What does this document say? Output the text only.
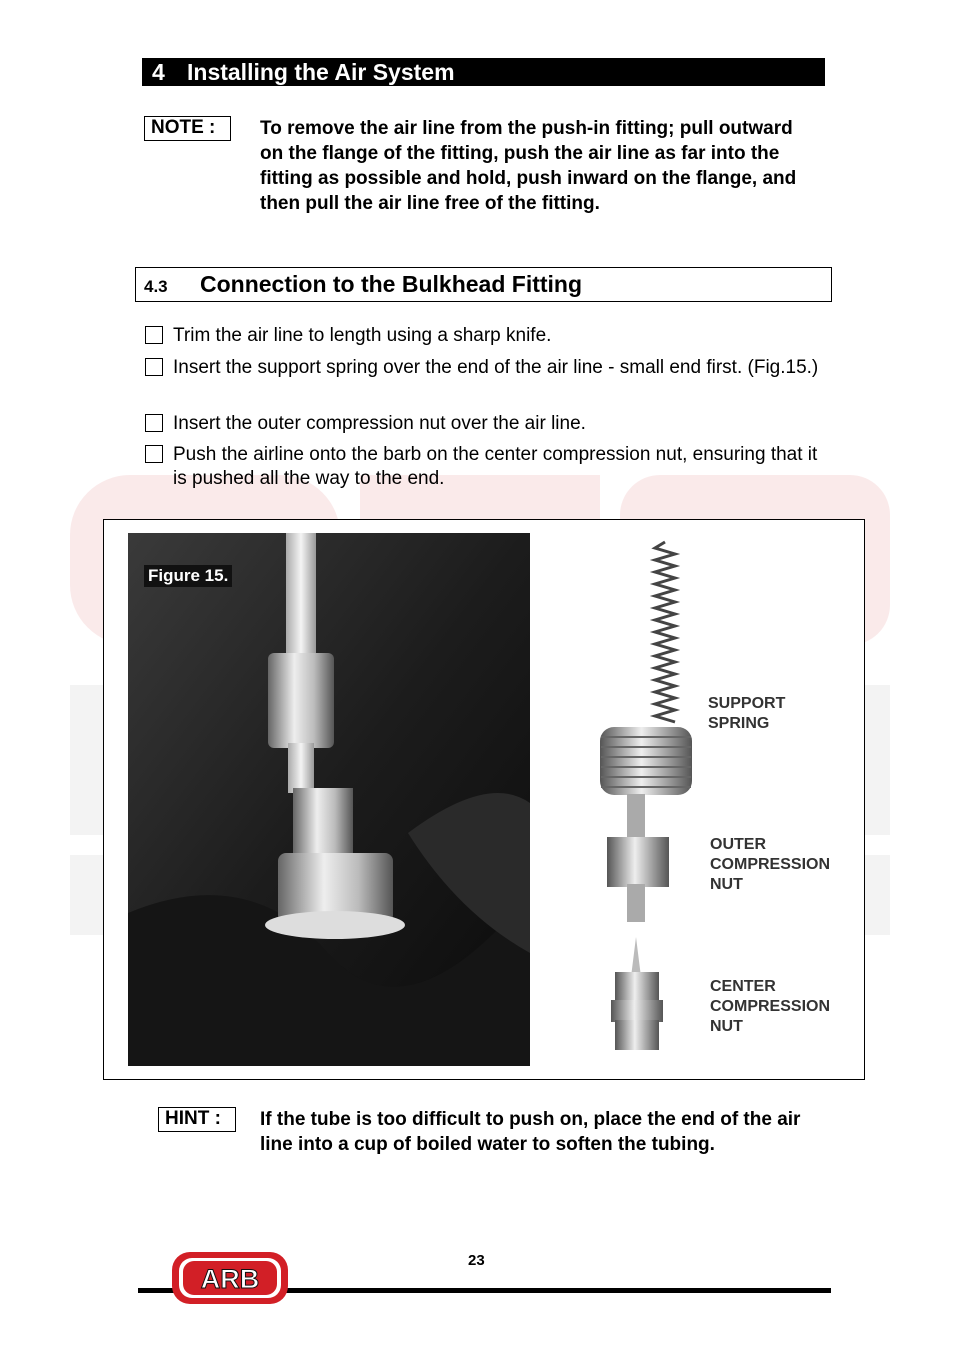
4 Installing the Air System
NOTE :	To remove the air line from the push-in fitting; pull outward on the flange of the fitting, push the air line as far into the fitting as possible and hold, push inward on the flange, and then pull the air line free of the fitting.
4.3 Connection to the Bulkhead Fitting
Trim the air line to length using a sharp knife.
Insert the support spring over the end of the air line - small end first. (Fig.15.)
Insert the outer compression nut over the air line.
Push the airline onto the barb on the center compression nut, ensuring that it is pushed all the way to the end.
Figure 15.
SUPPORT
SPRING
OUTER
COMPRESSION
NUT
CENTER
COMPRESSION
NUT
HINT :	If the tube is too difficult to push on, place the end of the air line into a cup of boiled water to soften the tubing.
23
ARB
